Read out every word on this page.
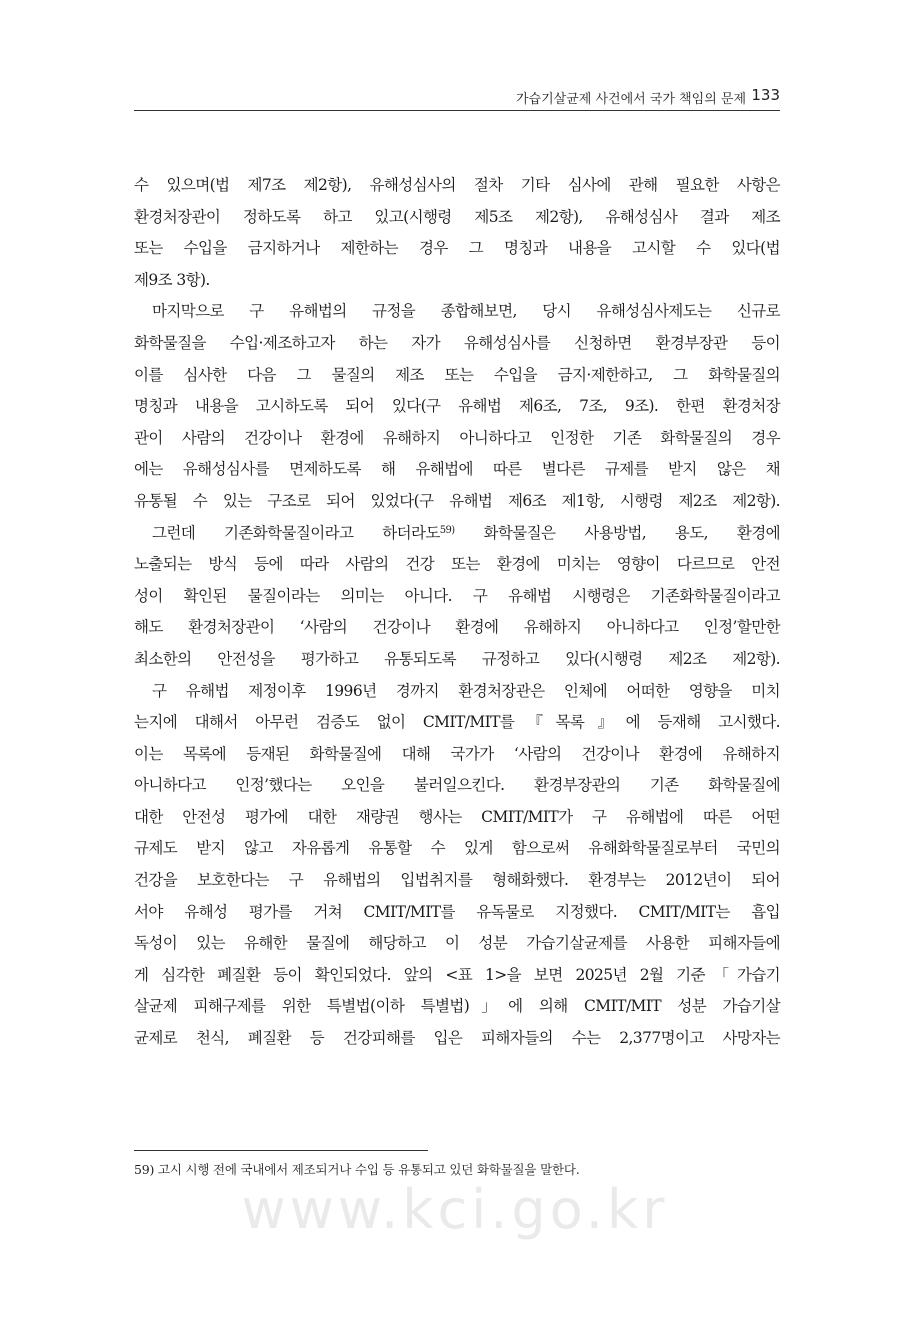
가습기살균제 사건에서 국가 책임의 문제 133
수 있으며(법 제7조 제2항), 유해성심사의 절차 기타 심사에 관해 필요한 사항은
환경처장관이 정하도록 하고 있고(시행령 제5조 제2항), 유해성심사 결과 제조
또는 수입을 금지하거나 제한하는 경우 그 명칭과 내용을 고시할 수 있다(법
제9조 3항).
마지막으로 구 유해법의 규정을 종합해보면, 당시 유해성심사제도는 신규로
화학물질을 수입·제조하고자 하는 자가 유해성심사를 신청하면 환경부장관 등이
이를 심사한 다음 그 물질의 제조 또는 수입을 금지·제한하고, 그 화학물질의
명칭과 내용을 고시하도록 되어 있다(구 유해법 제6조, 7조, 9조). 한편 환경처장
관이 사람의 건강이나 환경에 유해하지 아니하다고 인정한 기존 화학물질의 경우
에는 유해성심사를 면제하도록 해 유해법에 따른 별다른 규제를 받지 않은 채
유통될 수 있는 구조로 되어 있었다(구 유해법 제6조 제1항, 시행령 제2조 제2항).
그런데 기존화학물질이라고 하더라도$^{59)}$ 화학물질은 사용방법, 용도, 환경에
노출되는 방식 등에 따라 사람의 건강 또는 환경에 미치는 영향이 다르므로 안전
성이 확인된 물질이라는 의미는 아니다. 구 유해법 시행령은 기존화학물질이라고
해도 환경처장관이 ‘사람의 건강이나 환경에 유해하지 아니하다고 인정’할만한
최소한의 안전성을 평가하고 유통되도록 규정하고 있다(시행령 제2조 제2항).
구 유해법 제정이후 1996년 경까지 환경처장관은 인체에 어떠한 영향을 미치
는지에 대해서 아무런 검증도 없이 CMIT/MIT를『목록』에 등재해 고시했다.
이는 목록에 등재된 화학물질에 대해 국가가 ‘사람의 건강이나 환경에 유해하지
아니하다고 인정’했다는 오인을 불러일으킨다. 환경부장관의 기존 화학물질에
대한 안전성 평가에 대한 재량권 행사는 CMIT/MIT가 구 유해법에 따른 어떤
규제도 받지 않고 자유롭게 유통할 수 있게 함으로써 유해화학물질로부터 국민의
건강을 보호한다는 구 유해법의 입법취지를 형해화했다. 환경부는 2012년이 되어
서야 유해성 평가를 거쳐 CMIT/MIT를 유독물로 지정했다. CMIT/MIT는 흡입
독성이 있는 유해한 물질에 해당하고 이 성분 가습기살균제를 사용한 피해자들에
게 심각한 폐질환 등이 확인되었다. 앞의 <표 1>을 보면 2025년 2월 기준「가습기
살균제 피해구제를 위한 특별법(이하 특별법)」에 의해 CMIT/MIT 성분 가습기살
균제로 천식, 폐질환 등 건강피해를 입은 피해자들의 수는 2,377명이고 사망자는
59) 고시 시행 전에 국내에서 제조되거나 수입 등 유통되고 있던 화학물질을 말한다.
www.kci.go.kr
